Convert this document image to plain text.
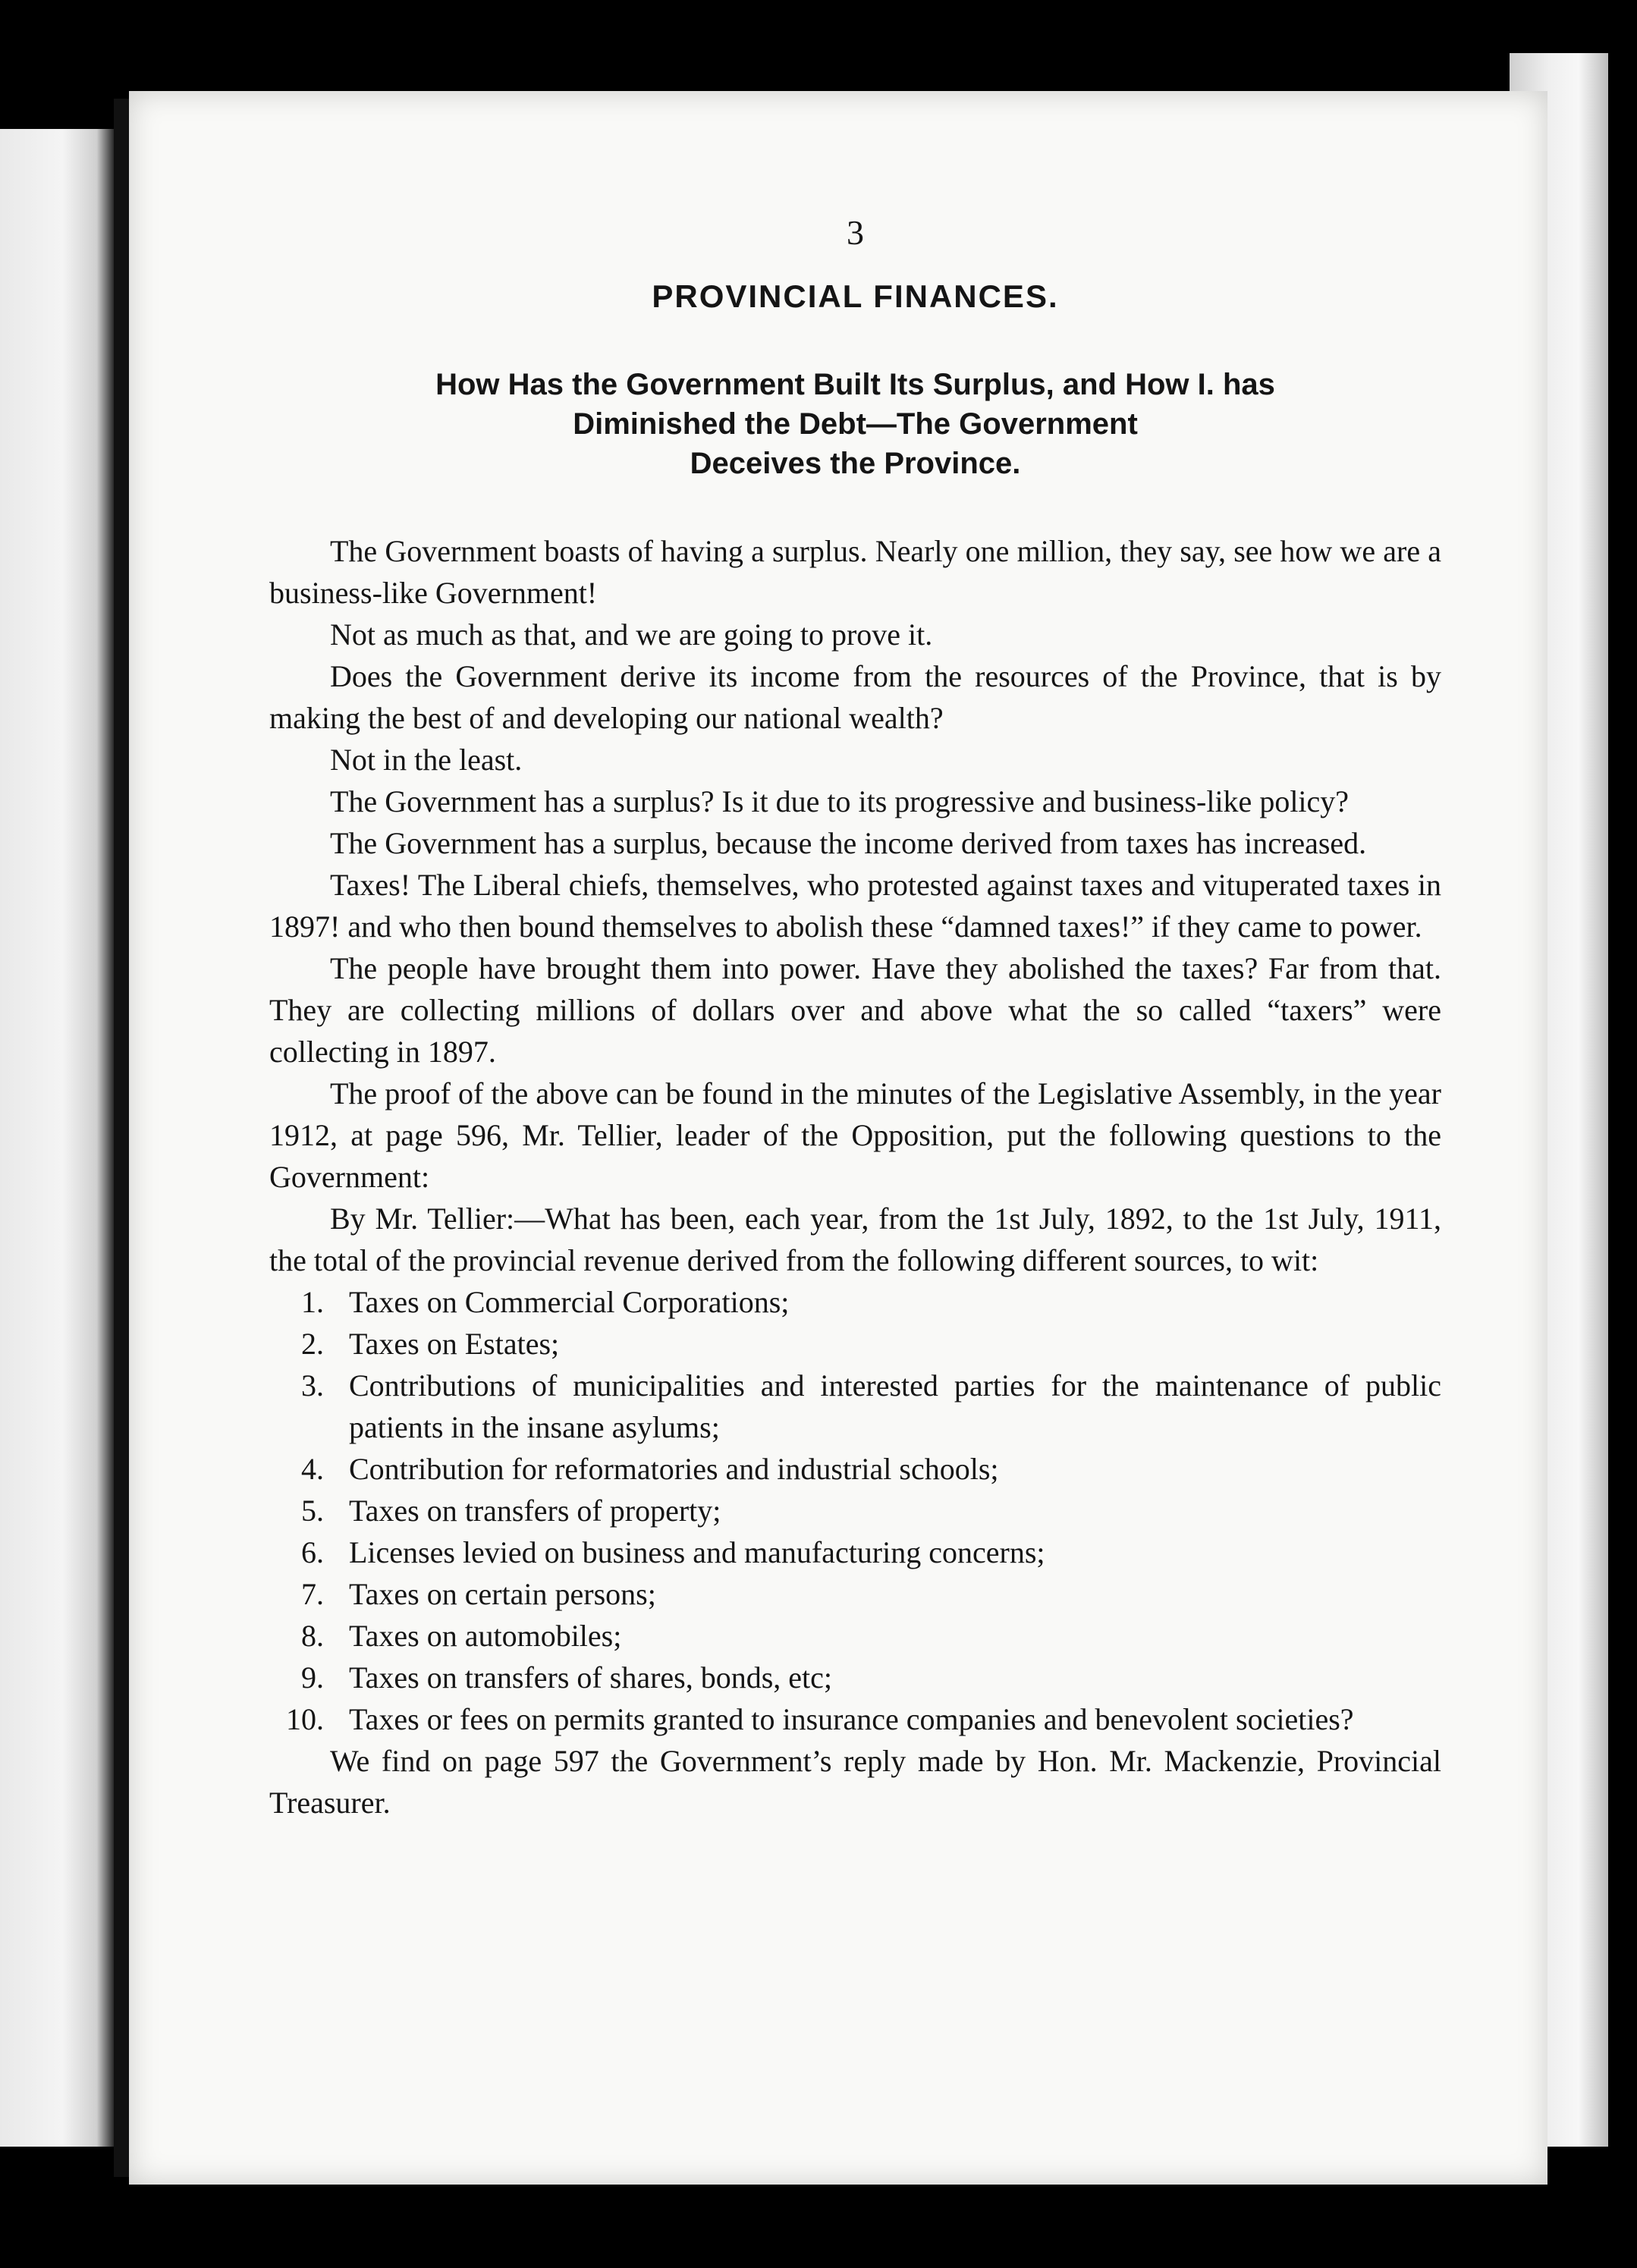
3
PROVINCIAL FINANCES.
How Has the Government Built Its Surplus, and How I. has
Diminished the Debt—The Government
Deceives the Province.

The Government boasts of having a surplus. Nearly one million, they say, see how we are a business-like Government!

Not as much as that, and we are going to prove it.

Does the Government derive its income from the resources of the Province, that is by making the best of and developing our national wealth?

Not in the least.

The Government has a surplus? Is it due to its progressive and business-like policy?

The Government has a surplus, because the income derived from taxes has increased.

Taxes! The Liberal chiefs, themselves, who protested against taxes and vituperated taxes in 1897! and who then bound themselves to abolish these “damned taxes!” if they came to power.

The people have brought them into power. Have they abolished the taxes? Far from that. They are collecting millions of dollars over and above what the so called “taxers” were collecting in 1897.

The proof of the above can be found in the minutes of the Legislative Assembly, in the year 1912, at page 596, Mr. Tellier, leader of the Opposition, put the following questions to the Government:

By Mr. Tellier:—What has been, each year, from the 1st July, 1892, to the 1st July, 1911, the total of the provincial revenue derived from the following different sources, to wit:

1. Taxes on Commercial Corporations;
2. Taxes on Estates;
3. Contributions of municipalities and interested parties for the maintenance of public patients in the insane asylums;
4. Contribution for reformatories and industrial schools;
5. Taxes on transfers of property;
6. Licenses levied on business and manufacturing concerns;
7. Taxes on certain persons;
8. Taxes on automobiles;
9. Taxes on transfers of shares, bonds, etc;
10. Taxes or fees on permits granted to insurance companies and benevolent societies?

We find on page 597 the Government’s reply made by Hon. Mr. Mackenzie, Provincial Treasurer.
